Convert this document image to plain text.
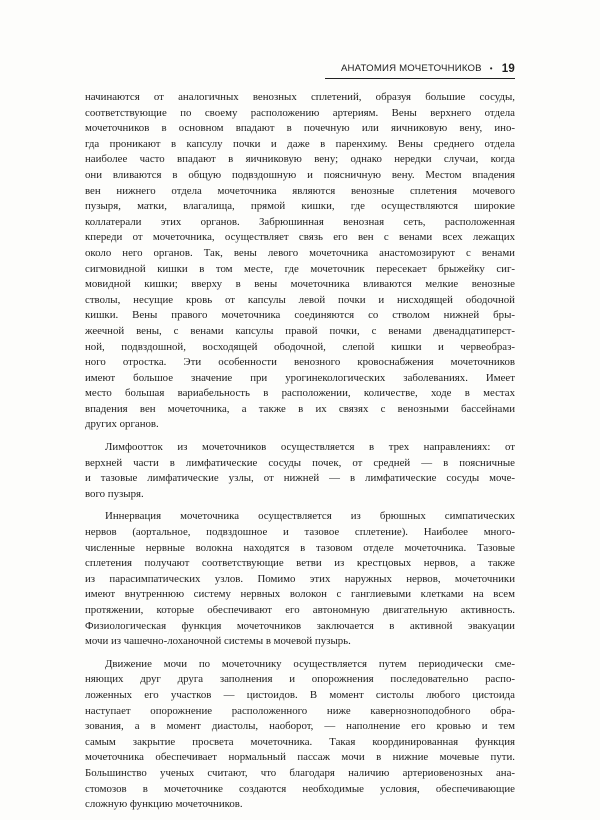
АНАТОМИЯ МОЧЕТОЧНИКОВ • 19
начинаются от аналогичных венозных сплетений, образуя большие сосуды,
соответствующие по своему расположению артериям. Вены верхнего отдела
мочеточников в основном впадают в почечную или яичниковую вену, ино-
гда проникают в капсулу почки и даже в паренхиму. Вены среднего отдела
наиболее часто впадают в яичниковую вену; однако нередки случаи, когда
они вливаются в общую подвздошную и поясничную вену. Местом впадения
вен нижнего отдела мочеточника являются венозные сплетения мочевого
пузыря, матки, влагалища, прямой кишки, где осуществляются широкие
коллатерали этих органов. Забрюшинная венозная сеть, расположенная
кпереди от мочеточника, осуществляет связь его вен с венами всех лежащих
около него органов. Так, вены левого мочеточника анастомозируют с венами
сигмовидной кишки в том месте, где мочеточник пересекает брыжейку сиг-
мовидной кишки; вверху в вены мочеточника вливаются мелкие венозные
стволы, несущие кровь от капсулы левой почки и нисходящей ободочной
кишки. Вены правого мочеточника соединяются со стволом нижней бры-
жеечной вены, с венами капсулы правой почки, с венами двенадцатиперст-
ной, подвздошной, восходящей ободочной, слепой кишки и червеобраз-
ного отростка. Эти особенности венозного кровоснабжения мочеточников
имеют большое значение при урогинекологических заболеваниях. Имеет
место большая вариабельность в расположении, количестве, ходе в местах
впадения вен мочеточника, а также в их связях с венозными бассейнами
других органов.
Лимфоотток из мочеточников осуществляется в трех направлениях: от
верхней части в лимфатические сосуды почек, от средней — в поясничные
и тазовые лимфатические узлы, от нижней — в лимфатические сосуды моче-
вого пузыря.
Иннервация мочеточника осуществляется из брюшных симпатических
нервов (аортальное, подвздошное и тазовое сплетение). Наиболее много-
численные нервные волокна находятся в тазовом отделе мочеточника. Тазовые
сплетения получают соответствующие ветви из крестцовых нервов, а также
из парасимпатических узлов. Помимо этих наружных нервов, мочеточники
имеют внутреннюю систему нервных волокон с ганглиевыми клетками на всем
протяжении, которые обеспечивают его автономную двигательную активность.
Физиологическая функция мочеточников заключается в активной эвакуации
мочи из чашечно-лоханочной системы в мочевой пузырь.
Движение мочи по мочеточнику осуществляется путем периодически сме-
няющих друг друга заполнения и опорожнения последовательно распо-
ложенных его участков — цистоидов. В момент систолы любого цистоида
наступает опорожнение расположенного ниже кавернозноподобного обра-
зования, а в момент диастолы, наоборот, — наполнение его кровью и тем
самым закрытие просвета мочеточника. Такая координированная функция
мочеточника обеспечивает нормальный пассаж мочи в нижние мочевые пути.
Большинство ученых считают, что благодаря наличию артериовенозных ана-
стомозов в мочеточнике создаются необходимые условия, обеспечивающие
сложную функцию мочеточников.
